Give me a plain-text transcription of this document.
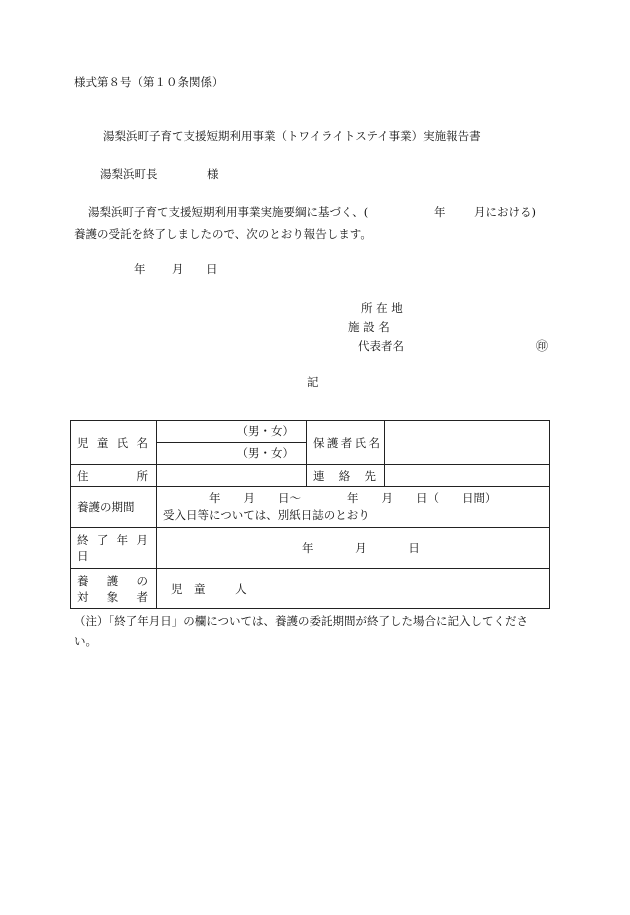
様式第８号（第１０条関係）
湯梨浜町子育て支援短期利用事業（トワイライトステイ事業）実施報告書
湯梨浜町長	様
湯梨浜町子育て支援短期利用事業実施要綱に基づく、(	年 月における)
養護の受託を終了しましたので、次のとおり報告します。
年 月 日
所 在 地
施 設 名
代表者名	㊞
記
児 童 氏 名	（男・女）
（男・女）	保護者氏名	

住　　　所		連　絡　先	

養護の期間	年　　月　　日～　　　　年　　月　　日（　　日間）
受入日等については、別紙日誌のとおり		

終 了 年 月 日	年 月 日		

養　護　の
対　象　者	児　童 人		
（注）「終了年月日」の欄については、養護の委託期間が終了した場合に記入してくださ
い。
